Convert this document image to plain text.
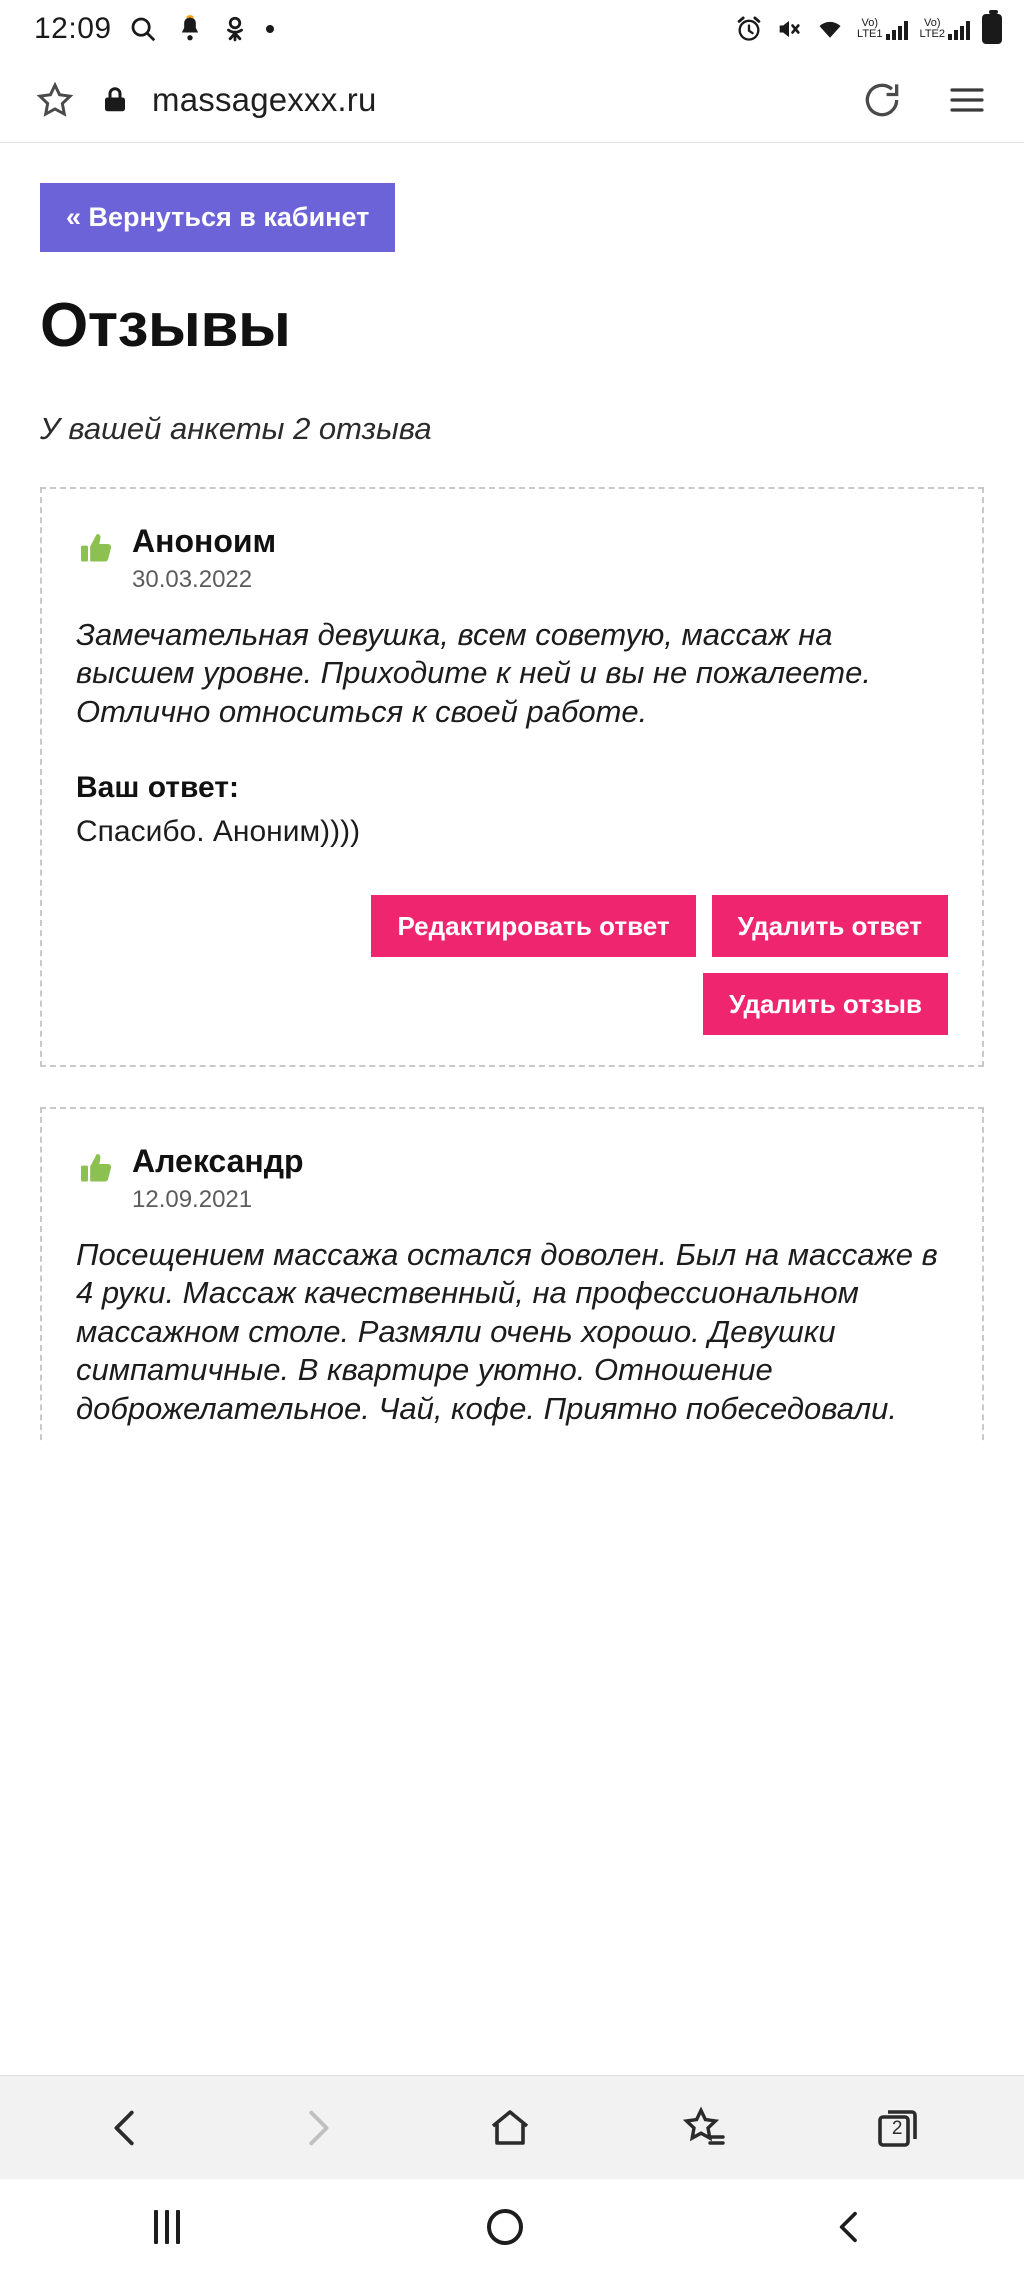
12:09	Vo)
LTE1
Vo)
LTE2
massagexxx.ru
« Вернуться в кабинет
Отзывы

У вашей анкеты 2 отзыва

Аноноим
30.03.2022

Замечательная девушка, всем советую, массаж на высшем уровне. Приходите к ней и вы не пожалеете. Отлично относиться к своей работе.

Ваш ответ:
Спасибо. Аноним))))
Редактировать ответ	Удалить ответ
Удалить отзыв
Александр
12.09.2021

Посещением массажа остался доволен. Был на массаже в 4 руки. Массаж качественный, на профессиональном массажном столе. Размяли очень хорошо. Девушки симпатичные. В квартире уютно. Отношение доброжелательное. Чай, кофе. Приятно побеседовали.

2
